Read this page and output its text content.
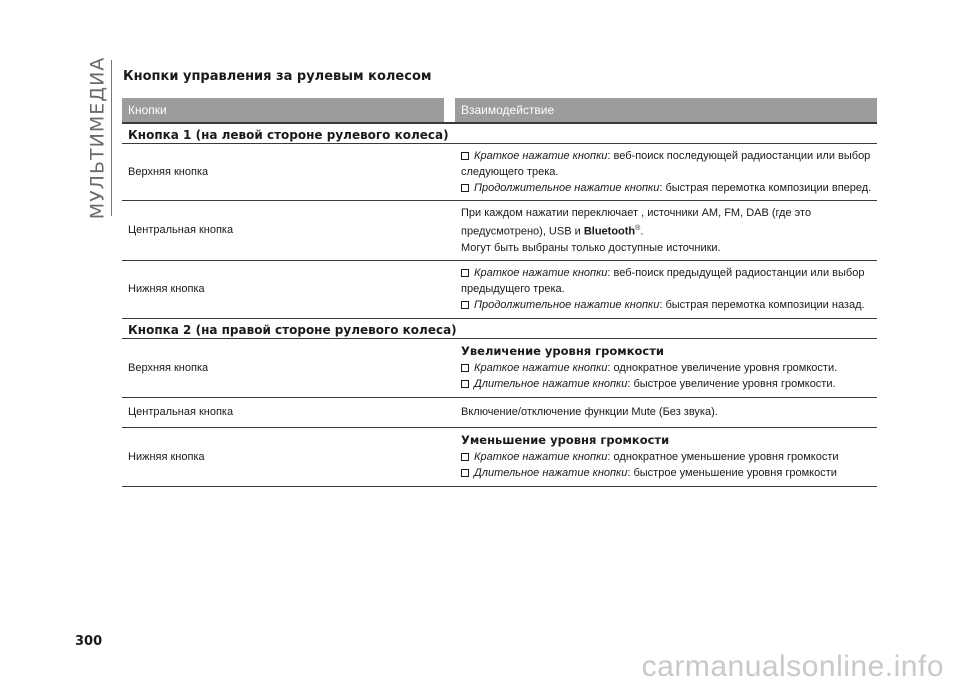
МУЛЬТИМЕДИА Кнопки управления за рулевым колесом
Кнопки	Взаимодействие
Кнопка 1 (на левой стороне рулевого колеса)
Верхняя кнопка
Краткое нажатие кнопки: веб-поиск последующей радиостанции или выбор
следующего трека.
Продолжительное нажатие кнопки: быстрая перемотка композиции вперед.
Центральная кнопка
При каждом нажатии переключает , источники AM, FM, DAB (где это
предусмотрено), USB и Bluetooth®.
Могут быть выбраны только доступные источники.
Нижняя кнопка
Краткое нажатие кнопки: веб-поиск предыдущей радиостанции или выбор
предыдущего трека.
Продолжительное нажатие кнопки: быстрая перемотка композиции назад.
Кнопка 2 (на правой стороне рулевого колеса)
Верхняя кнопка
Увеличение уровня громкости
Краткое нажатие кнопки: однократное увеличение уровня громкости.
Длительное нажатие кнопки: быстрое увеличение уровня громкости.
Центральная кнопка	Включение/отключение функции Mute (Без звука).
Нижняя кнопка
Уменьшение уровня громкости
Краткое нажатие кнопки: однократное уменьшение уровня громкости
Длительное нажатие кнопки: быстрое уменьшение уровня громкости
300
carmanualsonline.info
